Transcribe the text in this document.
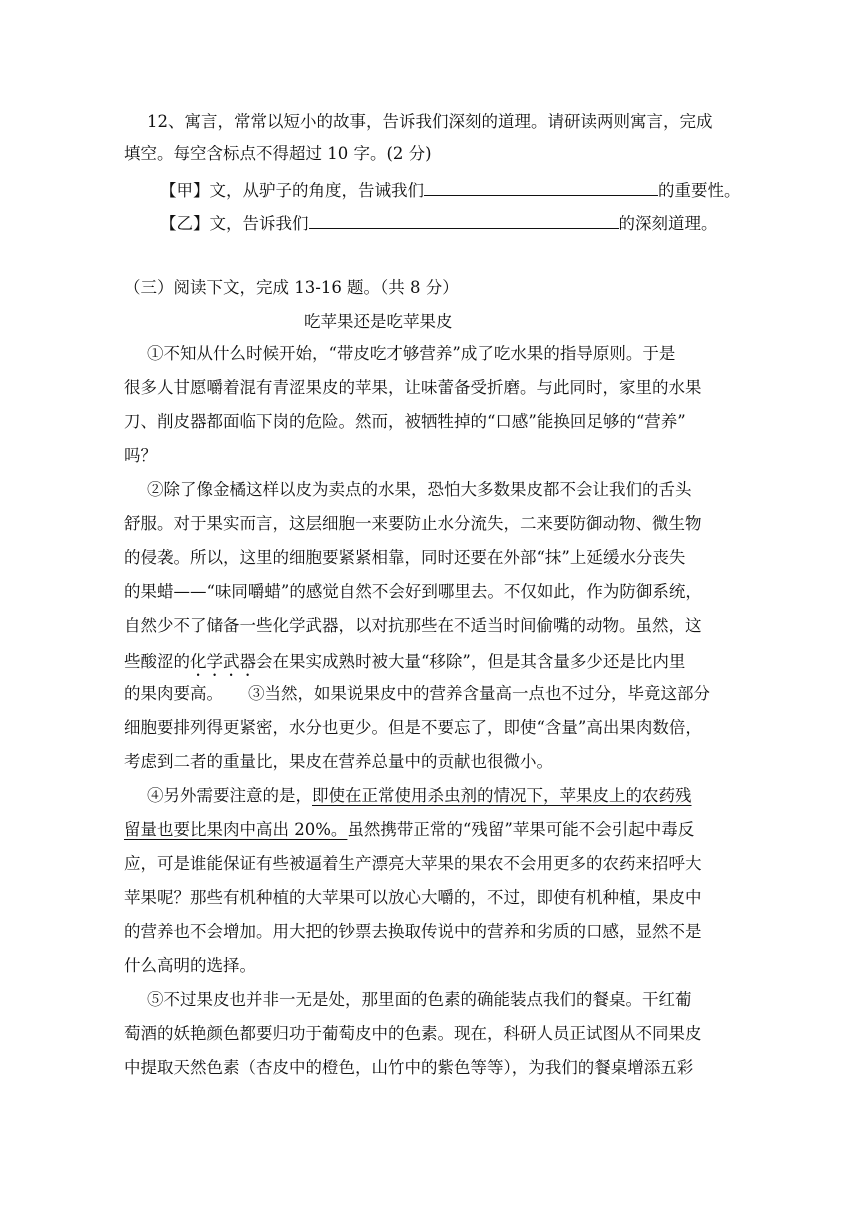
12、寓言，常常以短小的故事，告诉我们深刻的道理。请研读两则寓言，完成
填空。每空含标点不得超过 10 字。(2 分)
【甲】文，从驴子的角度，告诫我们	的重要性。
【乙】文，告诉我们	的深刻道理。
（三）阅读下文，完成 13-16 题。（共 8 分）
吃苹果还是吃苹果皮
①不知从什么时候开始，“带皮吃才够营养”成了吃水果的指导原则。于是
很多人甘愿嚼着混有青涩果皮的苹果，让味蕾备受折磨。与此同时，家里的水果
刀、削皮器都面临下岗的危险。然而，被牺牲掉的“口感”能换回足够的“营养”
吗？
②除了像金橘这样以皮为卖点的水果，恐怕大多数果皮都不会让我们的舌头
舒服。对于果实而言，这层细胞一来要防止水分流失，二来要防御动物、微生物
的侵袭。所以，这里的细胞要紧紧相靠，同时还要在外部“抹”上延缓水分丧失
的果蜡——“味同嚼蜡”的感觉自然不会好到哪里去。不仅如此，作为防御系统，
自然少不了储备一些化学武器，以对抗那些在不适当时间偷嘴的动物。虽然，这
些酸涩的化学武器会在果实成熟时被大量“移除”，但是其含量多少还是比内里
的果肉要高。 ③当然，如果说果皮中的营养含量高一点也不过分，毕竟这部分
细胞要排列得更紧密，水分也更少。但是不要忘了，即使“含量”高出果肉数倍，
考虑到二者的重量比，果皮在营养总量中的贡献也很微小。
④另外需要注意的是，即使在正常使用杀虫剂的情况下，苹果皮上的农药残
留量也要比果肉中高出 20%。虽然携带正常的“残留”苹果可能不会引起中毒反
应，可是谁能保证有些被逼着生产漂亮大苹果的果农不会用更多的农药来招呼大
苹果呢？那些有机种植的大苹果可以放心大嚼的，不过，即使有机种植，果皮中
的营养也不会增加。用大把的钞票去换取传说中的营养和劣质的口感，显然不是
什么高明的选择。
⑤不过果皮也并非一无是处，那里面的色素的确能装点我们的餐桌。干红葡
萄酒的妖艳颜色都要归功于葡萄皮中的色素。现在，科研人员正试图从不同果皮
中提取天然色素（杏皮中的橙色，山竹中的紫色等等），为我们的餐桌增添五彩
